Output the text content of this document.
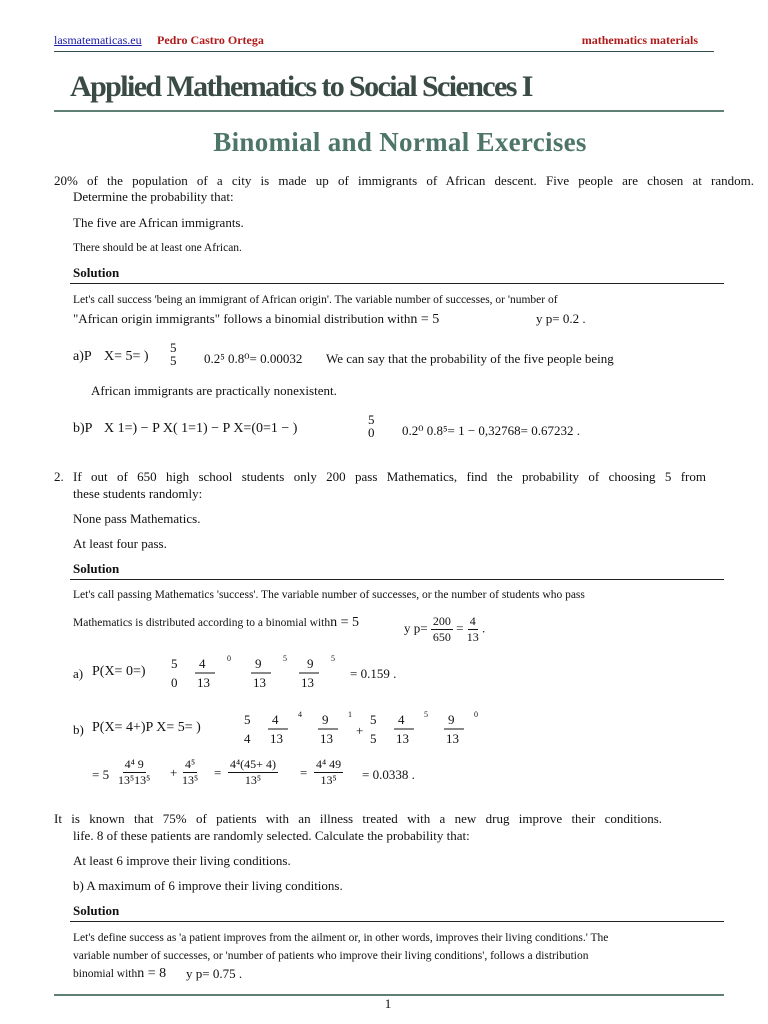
lasmatematicas.eu Pedro Castro Ortega	mathematics materials
Applied Mathematics to Social Sciences I
Binomial and Normal Exercises
20% of the population of a city is made up of immigrants of African descent. Five people are chosen at random.
Determine the probability that:
The five are African immigrants.
There should be at least one African.
Solution
Let's call success 'being an immigrant of African origin'. The variable number of successes, or 'number of
"African origin immigrants" follows a binomial distribution withn = 5	y p= 0.2 .
a)P X= 5= )
5
5 0.2⁵ 0.8⁰= 0.00032 We can say that the probability of the five people being
African immigrants are practically nonexistent.
b)P X 1=) − P X( 1=1) − P X=(0=1 − )
5
0 0.2⁰ 0.8⁵= 1 − 0,32768= 0.67232 .
2. If out of 650 high school students only 200 pass Mathematics, find the probability of choosing 5 from
these students randomly:
None pass Mathematics.
At least four pass.
Solution
Let's call passing Mathematics 'success'. The variable number of successes, or the number of students who pass
Mathematics is distributed according to a binomial withn = 5	y $p= \frac{200}{650} = \frac{4}{13}$ .
a) P(X= 0=)
5
0
4
13
0 9
13
5 9
13
5
= 0.159 .
b) P(X= 4+)P X= 5= )
5
4
4
13
4 9
13
1
+
5
5
4
13
5 9
13
0
= $5 \frac{\text{4⁴ 9}}{\text{13⁵13⁵}} + \frac{\text{4⁵}}{\text{13⁵}} = \frac{\text{4⁴(45+ 4)}}{\text{13⁵}} = \frac{\text{4⁴ 49}}{\text{13⁵}} = 0.0338$ .
It is known that 75% of patients with an illness treated with a new drug improve their conditions.
life. 8 of these patients are randomly selected. Calculate the probability that:
At least 6 improve their living conditions.
b) A maximum of 6 improve their living conditions.
Solution
Let's define success as 'a patient improves from the ailment or, in other words, improves their living conditions.' The
variable number of successes, or 'number of patients who improve their living conditions', follows a distribution
binomial withn = 8 y p= 0.75 .
1
